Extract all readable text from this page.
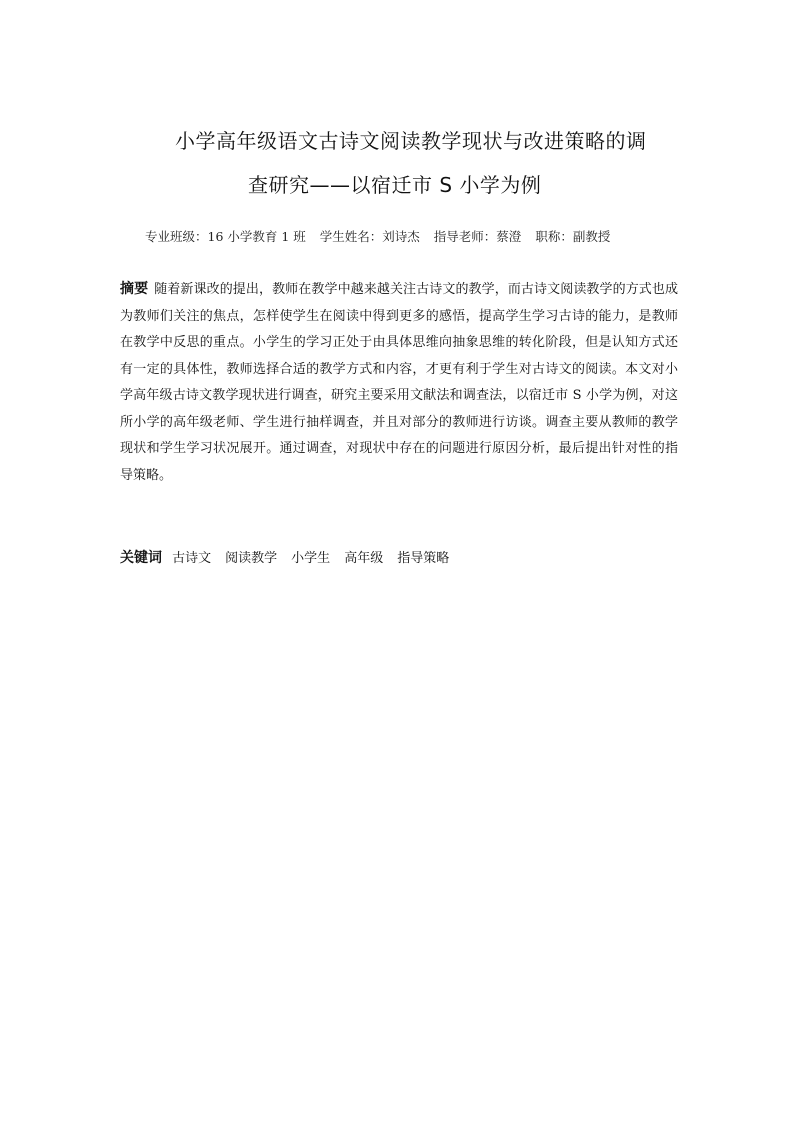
小学高年级语文古诗文阅读教学现状与改进策略的调
查研究——以宿迁市 S 小学为例
专业班级：16 小学教育 1 班 学生姓名：刘诗杰 指导老师：蔡澄 职称：副教授

摘要 随着新课改的提出，教师在教学中越来越关注古诗文的教学，而古诗文阅读教学的方式也成为教师们关注的焦点，怎样使学生在阅读中得到更多的感悟，提高学生学习古诗的能力，是教师在教学中反思的重点。小学生的学习正处于由具体思维向抽象思维的转化阶段，但是认知方式还有一定的具体性，教师选择合适的教学方式和内容，才更有利于学生对古诗文的阅读。本文对小学高年级古诗文教学现状进行调查，研究主要采用文献法和调查法，以宿迁市 S 小学为例，对这所小学的高年级老师、学生进行抽样调查，并且对部分的教师进行访谈。调查主要从教师的教学现状和学生学习状况展开。通过调查，对现状中存在的问题进行原因分析，最后提出针对性的指导策略。

关键词 古诗文 阅读教学 小学生 高年级 指导策略
